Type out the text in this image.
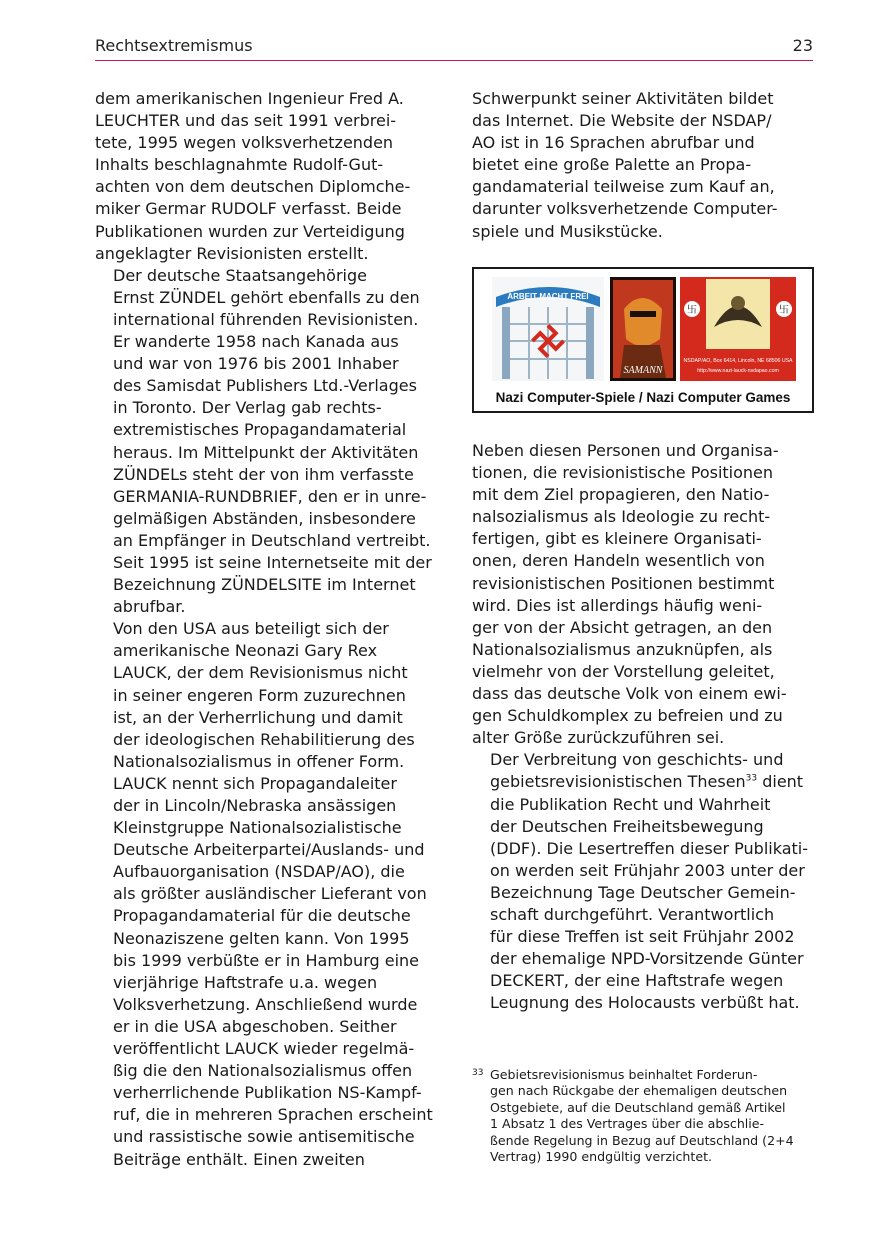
Rechtsextremismus	23

dem amerikanischen Ingenieur Fred A.
LEUCHTER und das seit 1991 verbrei-
tete, 1995 wegen volksverhetzenden
Inhalts beschlagnahmte Rudolf-Gut-
achten von dem deutschen Diplomche-
miker Germar RUDOLF verfasst. Beide
Publikationen wurden zur Verteidigung
angeklagter Revisionisten erstellt.

Der deutsche Staatsangehörige
Ernst ZÜNDEL gehört ebenfalls zu den
international führenden Revisionisten.
Er wanderte 1958 nach Kanada aus
und war von 1976 bis 2001 Inhaber
des Samisdat Publishers Ltd.-Verlages
in Toronto. Der Verlag gab rechts-
extremistisches Propagandamaterial
heraus. Im Mittelpunkt der Aktivitäten
ZÜNDELs steht der von ihm verfasste
GERMANIA-RUNDBRIEF, den er in unre-
gelmäßigen Abständen, insbesondere
an Empfänger in Deutschland vertreibt.
Seit 1995 ist seine Internetseite mit der
Bezeichnung ZÜNDELSITE im Internet
abrufbar.

Von den USA aus beteiligt sich der
amerikanische Neonazi Gary Rex
LAUCK, der dem Revisionismus nicht
in seiner engeren Form zuzurechnen
ist, an der Verherrlichung und damit
der ideologischen Rehabilitierung des
Nationalsozialismus in offener Form.
LAUCK nennt sich Propagandaleiter
der in Lincoln/Nebraska ansässigen
Kleinstgruppe Nationalsozialistische
Deutsche Arbeiterpartei/Auslands- und
Aufbauorganisation (NSDAP/AO), die
als größter ausländischer Lieferant von
Propagandamaterial für die deutsche
Neonaziszene gelten kann. Von 1995
bis 1999 verbüßte er in Hamburg eine
vierjährige Haftstrafe u.a. wegen
Volksverhetzung. Anschließend wurde
er in die USA abgeschoben. Seither
veröffentlicht LAUCK wieder regelmä-
ßig die den Nationalsozialismus offen
verherrlichende Publikation NS-Kampf-
ruf, die in mehreren Sprachen erscheint
und rassistische sowie antisemitische
Beiträge enthält. Einen zweiten

Schwerpunkt seiner Aktivitäten bildet
das Internet. Die Website der NSDAP/
AO ist in 16 Sprachen abrufbar und
bietet eine große Palette an Propa-
gandamaterial teilweise zum Kauf an,
darunter volksverhetzende Computer-
spiele und Musikstücke.

ARBEIT MACHT FREI
SAMANN
卐	卐
NSDAP/AO, Box 6414, Lincoln, NE 68506 USA
http://www.nazi-lauck-nsdapao.com
Nazi Computer-Spiele / Nazi Computer Games

Neben diesen Personen und Organisa-
tionen, die revisionistische Positionen
mit dem Ziel propagieren, den Natio-
nalsozialismus als Ideologie zu recht-
fertigen, gibt es kleinere Organisati-
onen, deren Handeln wesentlich von
revisionistischen Positionen bestimmt
wird. Dies ist allerdings häufig weni-
ger von der Absicht getragen, an den
Nationalsozialismus anzuknüpfen, als
vielmehr von der Vorstellung geleitet,
dass das deutsche Volk von einem ewi-
gen Schuldkomplex zu befreien und zu
alter Größe zurückzuführen sei.

Der Verbreitung von geschichts- und
gebietsrevisionistischen Thesen$^{33}$ dient
die Publikation Recht und Wahrheit
der Deutschen Freiheitsbewegung
(DDF). Die Lesertreffen dieser Publikati-
on werden seit Frühjahr 2003 unter der
Bezeichnung Tage Deutscher Gemein-
schaft durchgeführt. Verantwortlich
für diese Treffen ist seit Frühjahr 2002
der ehemalige NPD-Vorsitzende Günter
DECKERT, der eine Haftstrafe wegen
Leugnung des Holocausts verbüßt hat.

33 Gebietsrevisionismus beinhaltet Forderun-
gen nach Rückgabe der ehemaligen deutschen
Ostgebiete, auf die Deutschland gemäß Artikel
1 Absatz 1 des Vertrages über die abschlie-
ßende Regelung in Bezug auf Deutschland (2+4
Vertrag) 1990 endgültig verzichtet.
